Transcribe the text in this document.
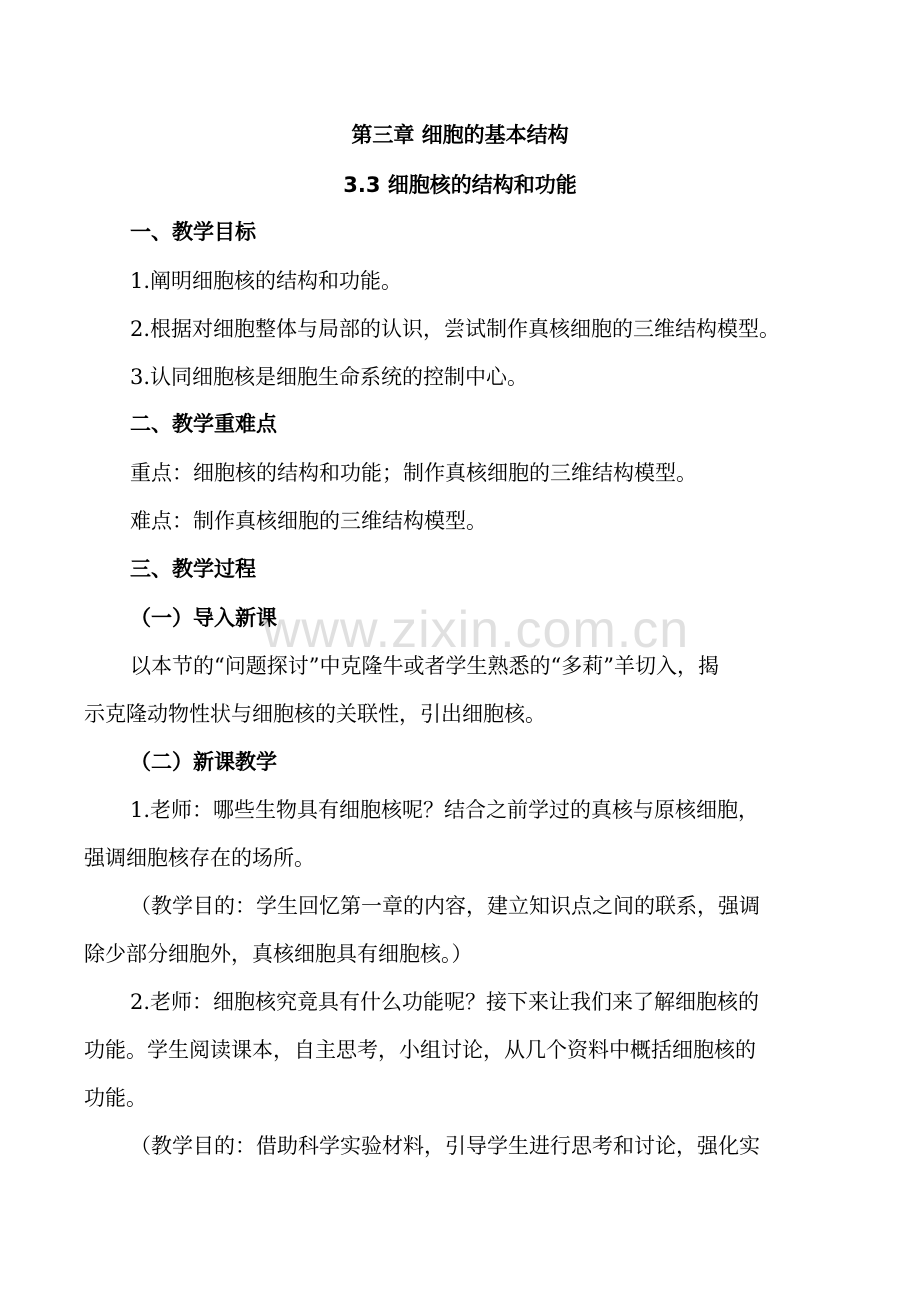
第三章 细胞的基本结构
3.3 细胞核的结构和功能
一、教学目标
1.阐明细胞核的结构和功能。
2.根据对细胞整体与局部的认识，尝试制作真核细胞的三维结构模型。
3.认同细胞核是细胞生命系统的控制中心。
二、教学重难点
重点：细胞核的结构和功能；制作真核细胞的三维结构模型。
难点：制作真核细胞的三维结构模型。
三、教学过程
（一）导入新课
以本节的“问题探讨”中克隆牛或者学生熟悉的“多莉”羊切入，揭
示克隆动物性状与细胞核的关联性，引出细胞核。
（二）新课教学
1.老师：哪些生物具有细胞核呢？结合之前学过的真核与原核细胞，
强调细胞核存在的场所。
（教学目的：学生回忆第一章的内容，建立知识点之间的联系，强调
除少部分细胞外，真核细胞具有细胞核。）
2.老师：细胞核究竟具有什么功能呢？接下来让我们来了解细胞核的
功能。学生阅读课本，自主思考，小组讨论，从几个资料中概括细胞核的
功能。
（教学目的：借助科学实验材料，引导学生进行思考和讨论，强化实
www.zixin.com.cn
